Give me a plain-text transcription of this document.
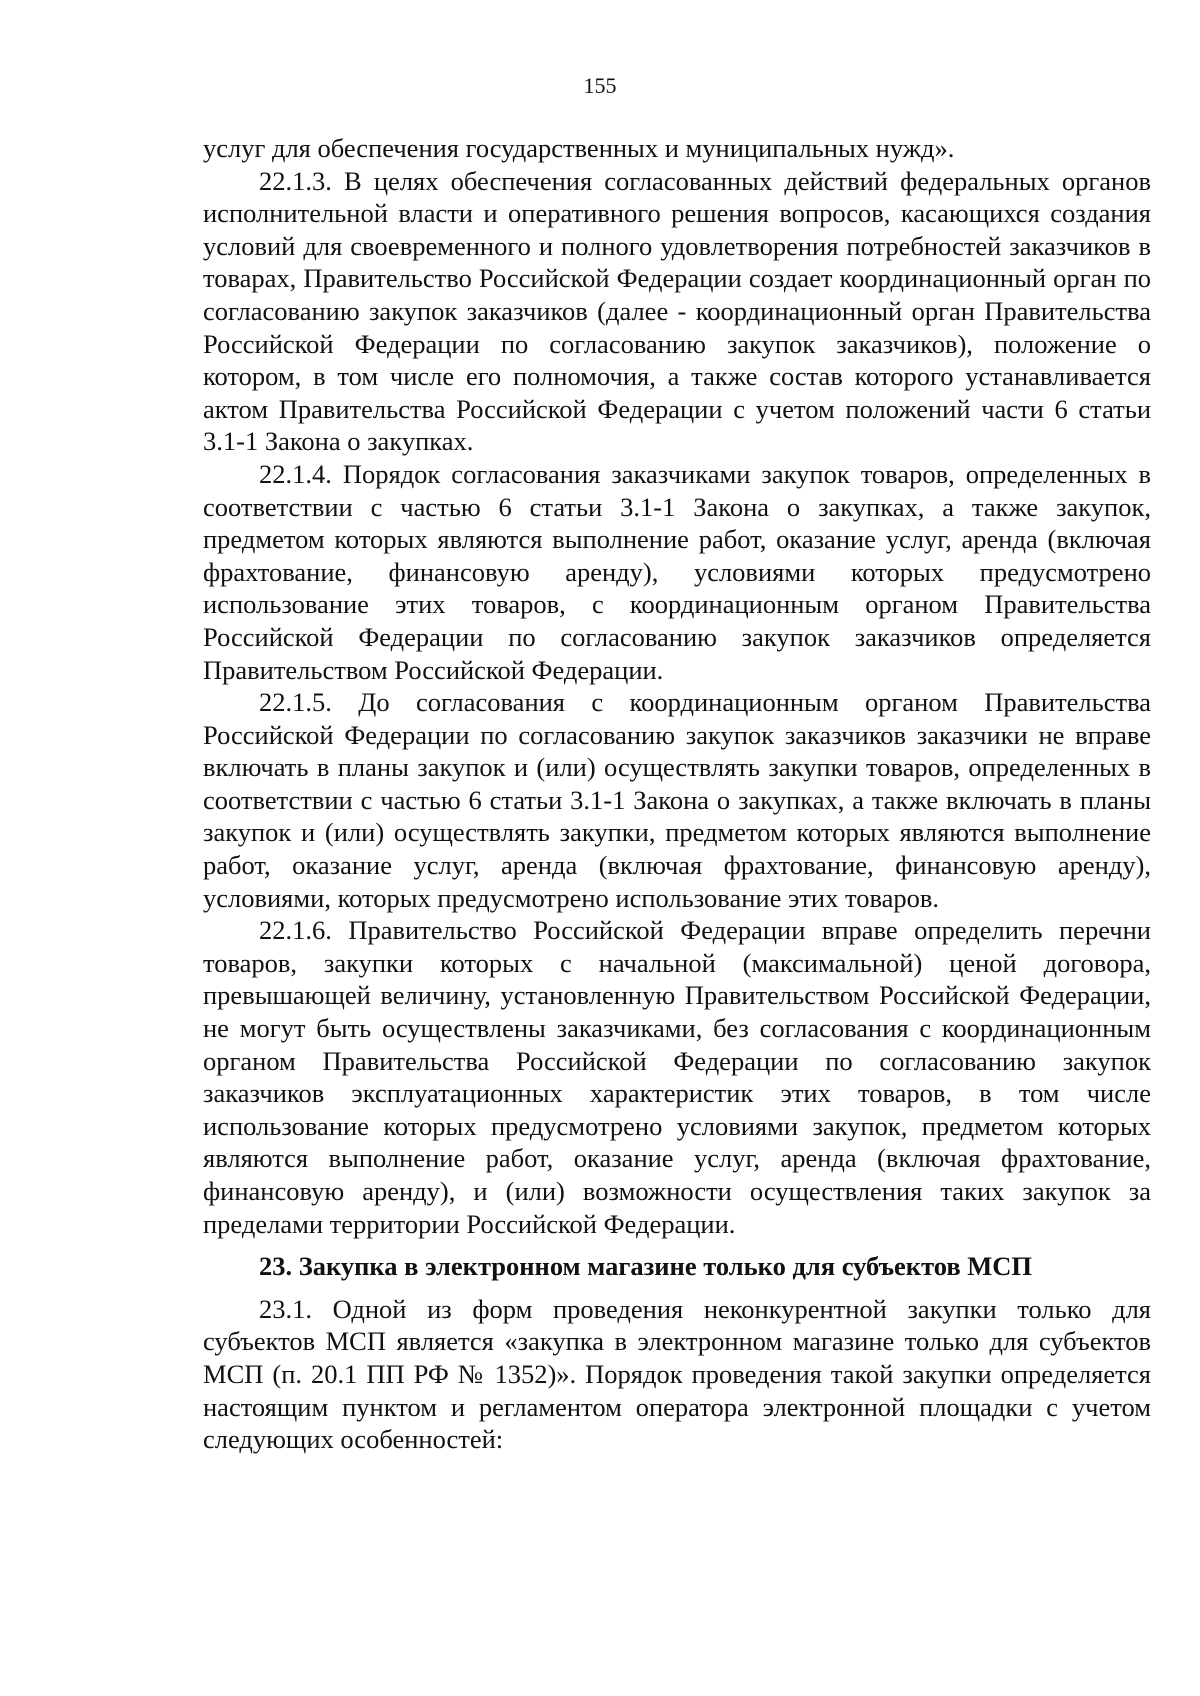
155

услуг для обеспечения государственных и муниципальных нужд».

22.1.3. В целях обеспечения согласованных действий федеральных органов исполнительной власти и оперативного решения вопросов, касающихся создания условий для своевременного и полного удовлетворения потребностей заказчиков в товарах, Правительство Российской Федерации создает координационный орган по согласованию закупок заказчиков (далее - координационный орган Правительства Российской Федерации по согласованию закупок заказчиков), положение о котором, в том числе его полномочия, а также состав которого устанавливается актом Правительства Российской Федерации с учетом положений части 6 статьи 3.1-1 Закона о закупках.

22.1.4. Порядок согласования заказчиками закупок товаров, определенных в соответствии с частью 6 статьи 3.1-1 Закона о закупках, а также закупок, предметом которых являются выполнение работ, оказание услуг, аренда (включая фрахтование, финансовую аренду), условиями которых предусмотрено использование этих товаров, с координационным органом Правительства Российской Федерации по согласованию закупок заказчиков определяется Правительством Российской Федерации.

22.1.5. До согласования с координационным органом Правительства Российской Федерации по согласованию закупок заказчиков заказчики не вправе включать в планы закупок и (или) осуществлять закупки товаров, определенных в соответствии с частью 6 статьи 3.1-1 Закона о закупках, а также включать в планы закупок и (или) осуществлять закупки, предметом которых являются выполнение работ, оказание услуг, аренда (включая фрахтование, финансовую аренду), условиями, которых предусмотрено использование этих товаров.

22.1.6. Правительство Российской Федерации вправе определить перечни товаров, закупки которых с начальной (максимальной) ценой договора, превышающей величину, установленную Правительством Российской Федерации, не могут быть осуществлены заказчиками, без согласования с координационным органом Правительства Российской Федерации по согласованию закупок заказчиков эксплуатационных характеристик этих товаров, в том числе использование которых предусмотрено условиями закупок, предметом которых являются выполнение работ, оказание услуг, аренда (включая фрахтование, финансовую аренду), и (или) возможности осуществления таких закупок за пределами территории Российской Федерации.

23. Закупка в электронном магазине только для субъектов МСП

23.1. Одной из форм проведения неконкурентной закупки только для субъектов МСП является «закупка в электронном магазине только для субъектов МСП (п. 20.1 ПП РФ № 1352)». Порядок проведения такой закупки определяется настоящим пунктом и регламентом оператора электронной площадки с учетом следующих особенностей:
